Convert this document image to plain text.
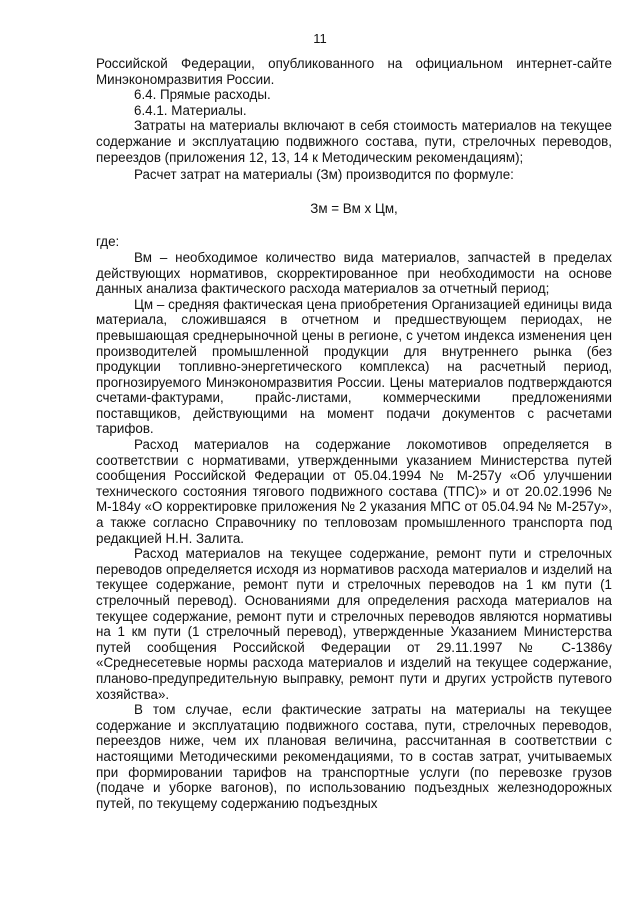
11

Российской Федерации, опубликованного на официальном интернет-сайте Минэкономразвития России.

6.4. Прямые расходы.

6.4.1. Материалы.

Затраты на материалы включают в себя стоимость материалов на текущее содержание и эксплуатацию подвижного состава, пути, стрелочных переводов, переездов (приложения 12, 13, 14 к Методическим рекомендациям);

Расчет затрат на материалы (Зм) производится по формуле:

Зм = Вм х Цм,

где:

Вм – необходимое количество вида материалов, запчастей в пределах действующих нормативов, скорректированное при необходимости на основе данных анализа фактического расхода материалов за отчетный период;

Цм – средняя фактическая цена приобретения Организацией единицы вида материала, сложившаяся в отчетном и предшествующем периодах, не превышающая среднерыночной цены в регионе, с учетом индекса изменения цен производителей промышленной продукции для внутреннего рынка (без продукции топливно-энергетического комплекса) на расчетный период, прогнозируемого Минэкономразвития России. Цены материалов подтверждаются счетами-фактурами, прайс-листами, коммерческими предложениями поставщиков, действующими на момент подачи документов с расчетами тарифов.

Расход материалов на содержание локомотивов определяется в соответствии с нормативами, утвержденными указанием Министерства путей сообщения Российской Федерации от 05.04.1994 № М-257у «Об улучшении технического состояния тягового подвижного состава (ТПС)» и от 20.02.1996 № М-184у «О корректировке приложения № 2 указания МПС от 05.04.94 № М-257у», а также согласно Справочнику по тепловозам промышленного транспорта под редакцией Н.Н. Залита.

Расход материалов на текущее содержание, ремонт пути и стрелочных переводов определяется исходя из нормативов расхода материалов и изделий на текущее содержание, ремонт пути и стрелочных переводов на 1 км пути (1 стрелочный перевод). Основаниями для определения расхода материалов на текущее содержание, ремонт пути и стрелочных переводов являются нормативы на 1 км пути (1 стрелочный перевод), утвержденные Указанием Министерства путей сообщения Российской Федерации от 29.11.1997 № С-1386у «Среднесетевые нормы расхода материалов и изделий на текущее содержание, планово-предупредительную выправку, ремонт пути и других устройств путевого хозяйства».

В том случае, если фактические затраты на материалы на текущее содержание и эксплуатацию подвижного состава, пути, стрелочных переводов, переездов ниже, чем их плановая величина, рассчитанная в соответствии с настоящими Методическими рекомендациями, то в состав затрат, учитываемых при формировании тарифов на транспортные услуги (по перевозке грузов (подаче и уборке вагонов), по использованию подъездных железнодорожных путей, по текущему содержанию подъездных
